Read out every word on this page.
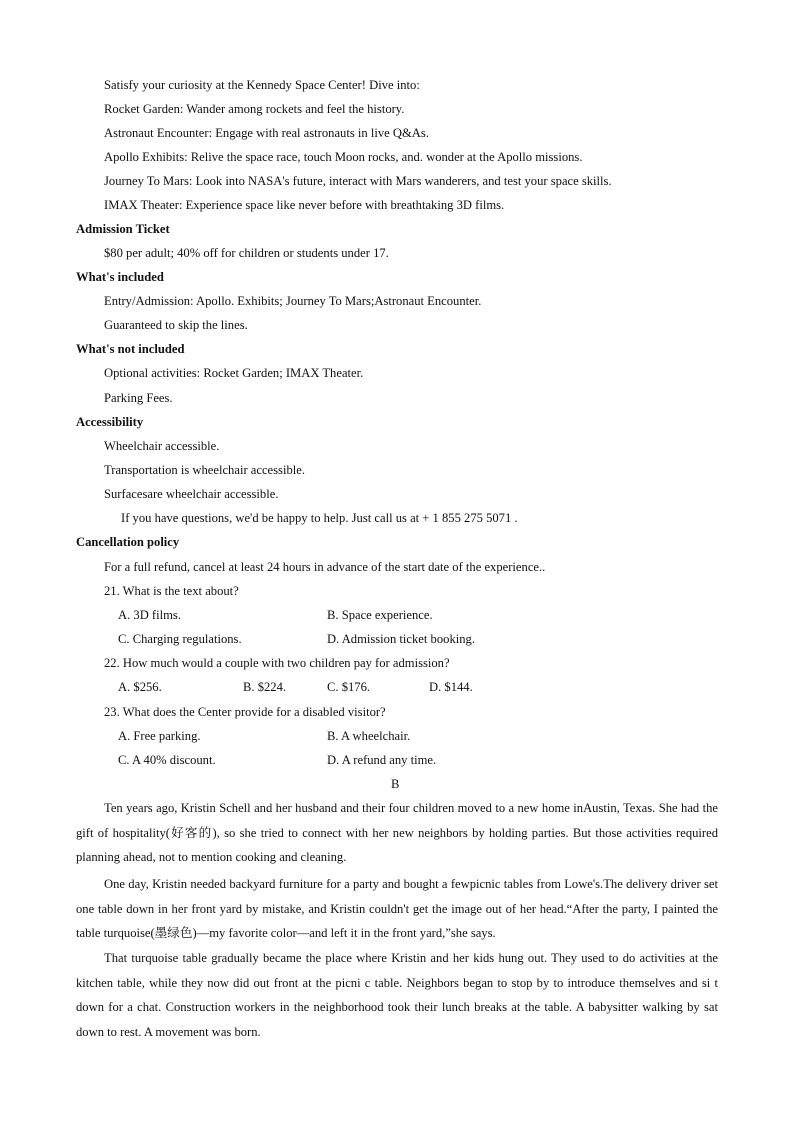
Satisfy your curiosity at the Kennedy Space Center! Dive into:
Rocket Garden: Wander among rockets and feel the history.
Astronaut Encounter: Engage with real astronauts in live Q&As.
Apollo Exhibits: Relive the space race, touch Moon rocks, and. wonder at the Apollo missions.
Journey To Mars: Look into NASA's future, interact with Mars wanderers, and test your space skills.
IMAX Theater: Experience space like never before with breathtaking 3D films.
Admission Ticket
$80 per adult; 40% off for children or students under 17.
What's included
Entry/Admission: Apollo. Exhibits; Journey To Mars;Astronaut Encounter.
Guaranteed to skip the lines.
What's not included
Optional activities: Rocket Garden; IMAX Theater.
Parking Fees.
Accessibility
Wheelchair accessible.
Transportation is wheelchair accessible.
Surfacesare wheelchair accessible.
If you have questions, we'd be happy to help. Just call us at + 1 855 275 5071 .
Cancellation policy
For a full refund, cancel at least 24 hours in advance of the start date of the experience..
21. What is the text about?
A. 3D films.	B. Space experience.
C. Charging regulations.	D. Admission ticket booking.
22. How much would a couple with two children pay for admission?
A. $256.	B. $224.	C. $176.	D. $144.
23. What does the Center provide for a disabled visitor?
A. Free parking.	B. A wheelchair.
C. A 40% discount.	D. A refund any time.
B
Ten years ago, Kristin Schell and her husband and their four children moved to a new home inAustin, Texas. She had the gift of hospitality(好客的), so she tried to connect with her new neighbors by holding parties. But those activities required planning ahead, not to mention cooking and cleaning.
One day, Kristin needed backyard furniture for a party and bought a fewpicnic tables from Lowe's.The delivery driver set one table down in her front yard by mistake, and Kristin couldn't get the image out of her head.“After the party, I painted the table turquoise(墨绿色)—my favorite color—and left it in the front yard,”she says.
That turquoise table gradually became the place where Kristin and her kids hung out. They used to do activities at the kitchen table, while they now did out front at the picni c table. Neighbors began to stop by to introduce themselves and si t down for a chat. Construction workers in the neighborhood took their lunch breaks at the table. A babysitter walking by sat down to rest. A movement was born.
